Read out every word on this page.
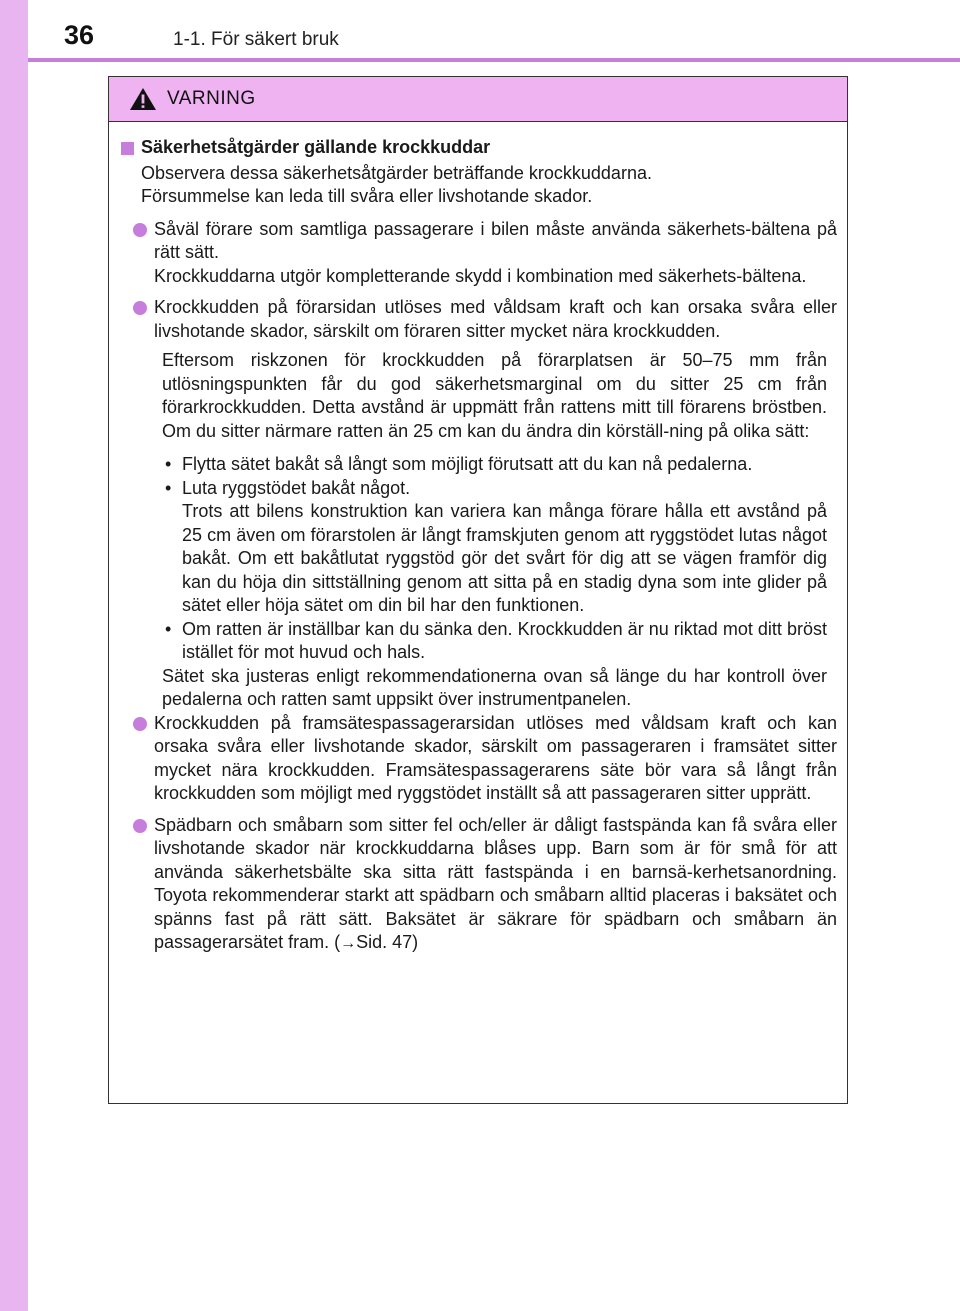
36	1-1. För säkert bruk
VARNING
Säkerhetsåtgärder gällande krockkuddar

Observera dessa säkerhetsåtgärder beträffande krockkuddarna.

Försummelse kan leda till svåra eller livshotande skador.

Såväl förare som samtliga passagerare i bilen måste använda säkerhets-bältena på rätt sätt.

Krockkuddarna utgör kompletterande skydd i kombination med säkerhets-bältena.

Krockkudden på förarsidan utlöses med våldsam kraft och kan orsaka svåra eller livshotande skador, särskilt om föraren sitter mycket nära krockkudden.

Eftersom riskzonen för krockkudden på förarplatsen är 50–75 mm från utlösningspunkten får du god säkerhetsmarginal om du sitter 25 cm från förarkrockkudden. Detta avstånd är uppmätt från rattens mitt till förarens bröstben. Om du sitter närmare ratten än 25 cm kan du ändra din körställ-ning på olika sätt:

• Flytta sätet bakåt så långt som möjligt förutsatt att du kan nå pedalerna.

• Luta ryggstödet bakåt något.
Trots att bilens konstruktion kan variera kan många förare hålla ett avstånd på 25 cm även om förarstolen är långt framskjuten genom att ryggstödet lutas något bakåt. Om ett bakåtlutat ryggstöd gör det svårt för dig att se vägen framför dig kan du höja din sittställning genom att sitta på en stadig dyna som inte glider på sätet eller höja sätet om din bil har den funktionen.

• Om ratten är inställbar kan du sänka den. Krockkudden är nu riktad mot ditt bröst istället för mot huvud och hals.

Sätet ska justeras enligt rekommendationerna ovan så länge du har kontroll över pedalerna och ratten samt uppsikt över instrumentpanelen.

Krockkudden på framsätespassagerarsidan utlöses med våldsam kraft och kan orsaka svåra eller livshotande skador, särskilt om passageraren i framsätet sitter mycket nära krockkudden. Framsätespassagerarens säte bör vara så långt från krockkudden som möjligt med ryggstödet inställt så att passageraren sitter upprätt.

Spädbarn och småbarn som sitter fel och/eller är dåligt fastspända kan få svåra eller livshotande skador när krockkuddarna blåses upp. Barn som är för små för att använda säkerhetsbälte ska sitta rätt fastspända i en barnsä-kerhetsanordning. Toyota rekommenderar starkt att spädbarn och småbarn alltid placeras i baksätet och spänns fast på rätt sätt. Baksätet är säkrare för spädbarn och småbarn än passagerarsätet fram. (→Sid. 47)
